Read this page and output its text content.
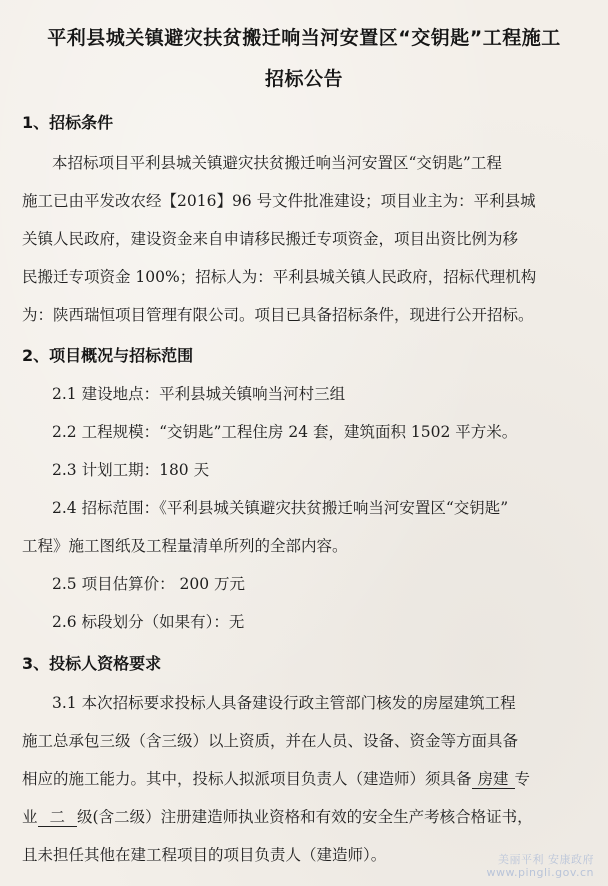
平利县城关镇避灾扶贫搬迁响当河安置区“交钥匙”工程施工
招标公告
1、招标条件
本招标项目平利县城关镇避灾扶贫搬迁响当河安置区“交钥匙”工程
施工已由平发改农经【2016】96 号文件批准建设；项目业主为：平利县城
关镇人民政府，建设资金来自申请移民搬迁专项资金，项目出资比例为移
民搬迁专项资金 100%；招标人为：平利县城关镇人民政府，招标代理机构
为：陕西瑞恒项目管理有限公司。项目已具备招标条件，现进行公开招标。
2、项目概况与招标范围
2.1 建设地点：平利县城关镇响当河村三组
2.2 工程规模：“交钥匙”工程住房 24 套，建筑面积 1502 平方米。
2.3 计划工期：180 天
2.4 招标范围：《平利县城关镇避灾扶贫搬迁响当河安置区“交钥匙”
工程》施工图纸及工程量清单所列的全部内容。
2.5 项目估算价： 200 万元
2.6 标段划分（如果有）：无
3、投标人资格要求
3.1 本次招标要求投标人具备建设行政主管部门核发的房屋建筑工程
施工总承包三级（含三级）以上资质，并在人员、设备、资金等方面具备
相应的施工能力。其中，投标人拟派项目负责人（建造师）须具备 房建 专
业 二 级(含二级）注册建造师执业资格和有效的安全生产考核合格证书，
且未担任其他在建工程项目的项目负责人（建造师）。	美丽平利 安康政府
www.pingli.gov.cn
